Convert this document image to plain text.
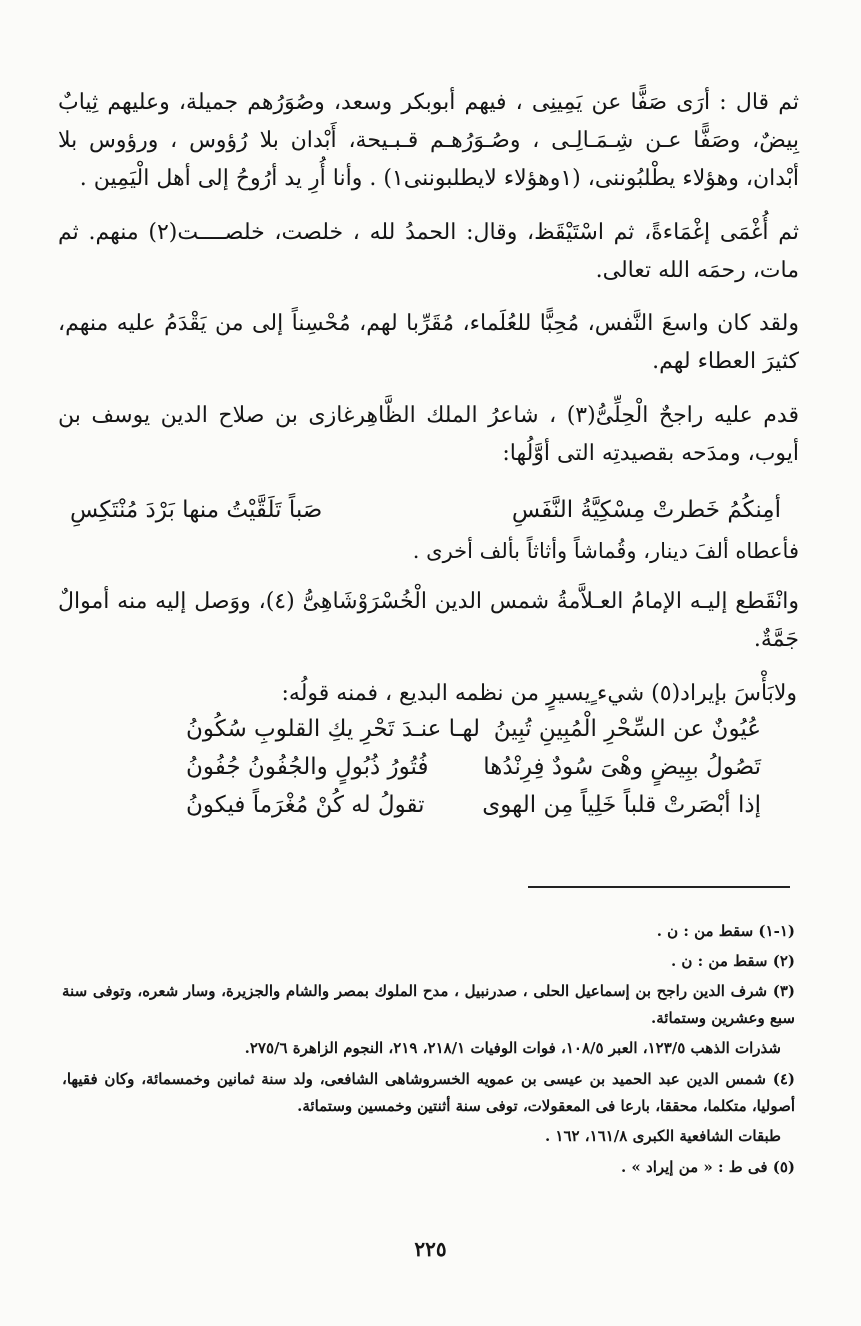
ثم قال : أرَى صَفًّا عن يَمِينِى ، فيهم أبوبكر وسعد، وصُوَرُهم جميلة، وعليهم ثِيابٌ بِيضٌ، وصَفًّا عـن شِـمَـالِـى ، وصُـوَرُهـم قـبـيحة، أَبْدان بلا رُؤوس ، ورؤوس بلا أبْدان، وهؤلاء يطْلبُوننى، (١وهؤلاء لايطلبوننى١) . وأنا أُرِ يد أرُوحُ إلى أهل الْيَمِين .

ثم أُغْمَى إغْمَاءةً، ثم اسْتَيْقَظ، وقال: الحمدُ لله ، خلصت، خلصــــت(٢) منهم. ثم مات، رحمَه الله تعالى.

ولقد كان واسعَ النَّفس، مُحِبًّا للعُلَماء، مُقَرِّبا لهم، مُحْسِناً إلى من يَقْدَمُ عليه منهم، كثيرَ العطاء لهم.

قدم عليه راجحٌ الْحِلِّىُّ(٣) ، شاعرُ الملك الظَّاهِرغازى بن صلاح الدين يوسف بن أيوب، ومدَحه بقصيدتِه التى أوَّلُها:

أمِنكُمُ خَطرتْ مِسْكِيَّةُ النَّفَسِ
صَباً تَلَقَّيْتُ منها بَرْدَ مُنْتَكِسِ

فأعطاه ألفَ دينار، وقُماشاً وأثاثاً بألف أخرى .

وانْقَطع إليـه الإمامُ العـلاَّمةُ شمس الدين الْخُسْرَوْشَاهِىُّ (٤)، ووَصل إليه منه أموالٌ جَمَّةٌ.

ولابَأْسَ بإيراد(٥) شيء ٍيسيرٍ من نظمه البديع ، فمنه قولُه:

عُيُونٌ عن السِّحْرِ الْمُبِينِ تُبِينُ
لهـا عنـدَ تَحْرِ يكِ القلوبِ سُكُونُ
تَصُولُ ببِيضٍ وهْىَ سُودٌ فِرِنْدُها
فُتُورُ ذُبُولٍ والجُفُونُ جُفُونُ
إذا أبْصَرتْ قلباً خَلِياً مِن الهوى
تقولُ له كُنْ مُغْرَماً فيكونُ

(١-١) سقط من : ن .

(٢) سقط من : ن .

(٣) شرف الدين راجح بن إسماعيل الحلى ، صدرنبيل ، مدح الملوك بمصر والشام والجزيرة، وسار شعره، وتوفى سنة سبع وعشرين وستمائة.

شذرات الذهب ١٢٣/٥، العبر ١٠٨/٥، فوات الوفيات ٢١٨/١، ٢١٩، النجوم الزاهرة ٢٧٥/٦.

(٤) شمس الدين عبد الحميد بن عيسى بن عمويه الخسروشاهى الشافعى، ولد سنة ثمانين وخمسمائة، وكان فقيها، أصوليا، متكلما، محققا، بارعا فى المعقولات، توفى سنة أثنتين وخمسين وستمائة.

طبقات الشافعية الكبرى ١٦١/٨، ١٦٢ .

(٥) فى ط : « من إيراد » .

٢٢٥
